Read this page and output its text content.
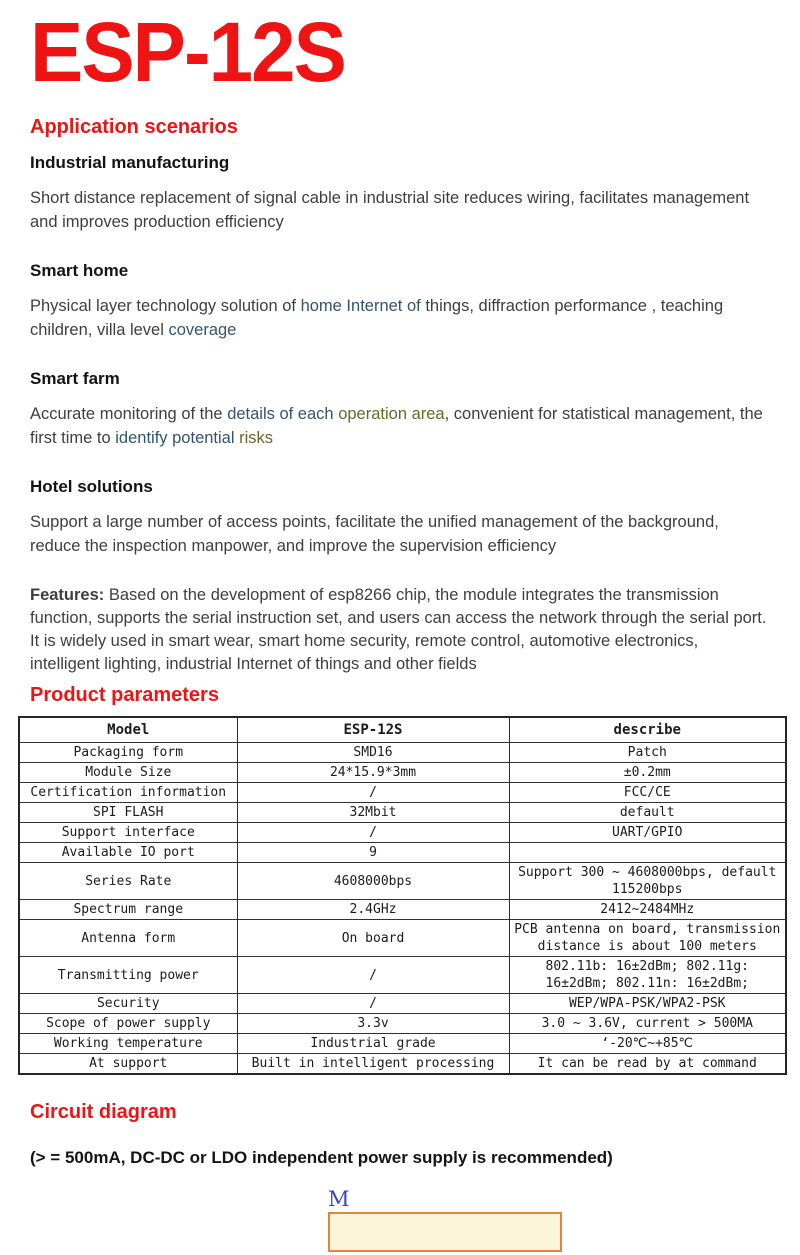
ESP-12S
Application scenarios
Industrial manufacturing

Short distance replacement of signal cable in industrial site reduces wiring, facilitates management and improves production efficiency

Smart home

Physical layer technology solution of home Internet of things, diffraction performance , teaching children, villa level coverage

Smart farm

Accurate monitoring of the details of each operation area, convenient for statistical management, the first time to identify potential risks

Hotel solutions

Support a large number of access points, facilitate the unified management of the background, reduce the inspection manpower, and improve the supervision efficiency

Features: Based on the development of esp8266 chip, the module integrates the transmission function, supports the serial instruction set, and users can access the network through the serial port. It is widely used in smart wear, smart home security, remote control, automotive electronics, intelligent lighting, industrial Internet of things and other fields

Product parameters
Model	ESP-12S	describe
Packaging form	SMD16	Patch
Module Size	24*15.9*3mm	±0.2mm
Certification information	/	FCC/CE
SPI FLASH	32Mbit	default
Support interface	/	UART/GPIO
Available IO port	9	
Series Rate	4608000bps	Support 300 ~ 4608000bps, default 115200bps
Spectrum range	2.4GHz	2412~2484MHz
Antenna form	On board	PCB antenna on board, transmission distance is about 100 meters
Transmitting power	/	802.11b: 16±2dBm; 802.11g: 16±2dBm; 802.11n: 16±2dBm;
Security	/	WEP/WPA-PSK/WPA2-PSK
Scope of power supply	3.3v	3.0 ~ 3.6V, current > 500MA
Working temperature	Industrial grade	‘-20℃~+85℃
At support	Built in intelligent processing	It can be read by at command
Circuit diagram

(> = 500mA, DC-DC or LDO independent power supply is recommended)

M
